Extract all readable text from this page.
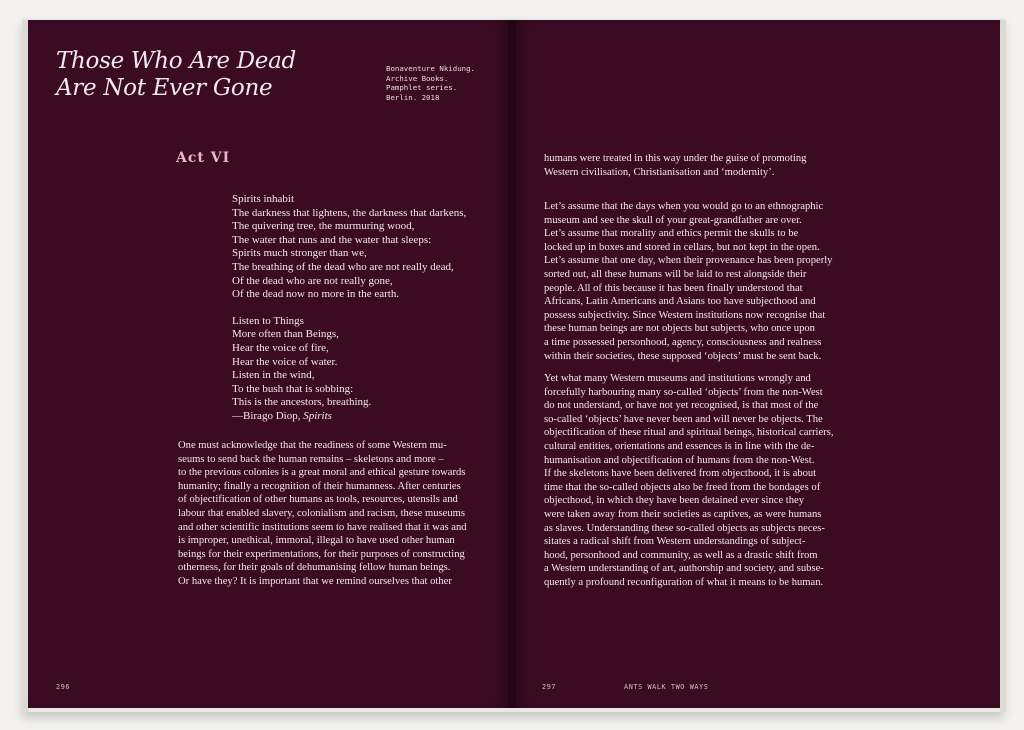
Those Who Are Dead
Are Not Ever Gone
Bonaventure Nkidung.
Archive Books.
Pamphlet series.
Berlin. 2018
Act VI
Spirits inhabit
The darkness that lightens, the darkness that darkens,
The quivering tree, the murmuring wood,
The water that runs and the water that sleeps:
Spirits much stronger than we,
The breathing of the dead who are not really dead,
Of the dead who are not really gone,
Of the dead now no more in the earth.
Listen to Things
More often than Beings,
Hear the voice of fire,
Hear the voice of water.
Listen in the wind,
To the bush that is sobbing:
This is the ancestors, breathing.
—Birago Diop, Spirits
One must acknowledge that the readiness of some Western mu-
seums to send back the human remains – skeletons and more –
to the previous colonies is a great moral and ethical gesture towards
humanity; finally a recognition of their humanness. After centuries
of objectification of other humans as tools, resources, utensils and
labour that enabled slavery, colonialism and racism, these museums
and other scientific institutions seem to have realised that it was and
is improper, unethical, immoral, illegal to have used other human
beings for their experimentations, for their purposes of constructing
otherness, for their goals of dehumanising fellow human beings.
Or have they? It is important that we remind ourselves that other
humans were treated in this way under the guise of promoting
Western civilisation, Christianisation and ‘modernity’.
Let’s assume that the days when you would go to an ethnographic
museum and see the skull of your great-grandfather are over.
Let’s assume that morality and ethics permit the skulls to be
locked up in boxes and stored in cellars, but not kept in the open.
Let’s assume that one day, when their provenance has been properly
sorted out, all these humans will be laid to rest alongside their
people. All of this because it has been finally understood that
Africans, Latin Americans and Asians too have subjecthood and
possess subjectivity. Since Western institutions now recognise that
these human beings are not objects but subjects, who once upon
a time possessed personhood, agency, consciousness and realness
within their societies, these supposed ‘objects’ must be sent back.
Yet what many Western museums and institutions wrongly and
forcefully harbouring many so-called ‘objects’ from the non-West
do not understand, or have not yet recognised, is that most of the
so-called ‘objects’ have never been and will never be objects. The
objectification of these ritual and spiritual beings, historical carriers,
cultural entities, orientations and essences is in line with the de-
humanisation and objectification of humans from the non-West.
If the skeletons have been delivered from objecthood, it is about
time that the so-called objects also be freed from the bondages of
objecthood, in which they have been detained ever since they
were taken away from their societies as captives, as were humans
as slaves. Understanding these so-called objects as subjects neces-
sitates a radical shift from Western understandings of subject-
hood, personhood and community, as well as a drastic shift from
a Western understanding of art, authorship and society, and subse-
quently a profound reconfiguration of what it means to be human.
296	297	ANTS WALK TWO WAYS
